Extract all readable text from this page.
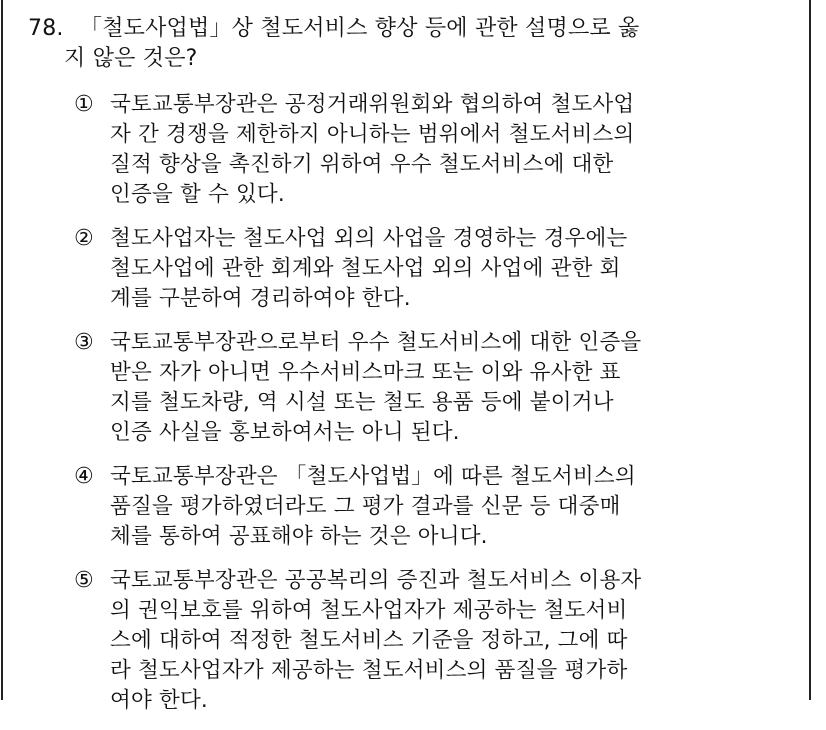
78. 「철도사업법」상 철도서비스 향상 등에 관한 설명으로 옳
지 않은 것은?
① 국토교통부장관은 공정거래위원회와 협의하여 철도사업
자 간 경쟁을 제한하지 아니하는 범위에서 철도서비스의
질적 향상을 촉진하기 위하여 우수 철도서비스에 대한
인증을 할 수 있다.
② 철도사업자는 철도사업 외의 사업을 경영하는 경우에는
철도사업에 관한 회계와 철도사업 외의 사업에 관한 회
계를 구분하여 경리하여야 한다.
③ 국토교통부장관으로부터 우수 철도서비스에 대한 인증을
받은 자가 아니면 우수서비스마크 또는 이와 유사한 표
지를 철도차량, 역 시설 또는 철도 용품 등에 붙이거나
인증 사실을 홍보하여서는 아니 된다.
④ 국토교통부장관은 「철도사업법」에 따른 철도서비스의
품질을 평가하였더라도 그 평가 결과를 신문 등 대중매
체를 통하여 공표해야 하는 것은 아니다.
⑤ 국토교통부장관은 공공복리의 증진과 철도서비스 이용자
의 권익보호를 위하여 철도사업자가 제공하는 철도서비
스에 대하여 적정한 철도서비스 기준을 정하고, 그에 따
라 철도사업자가 제공하는 철도서비스의 품질을 평가하
여야 한다.
